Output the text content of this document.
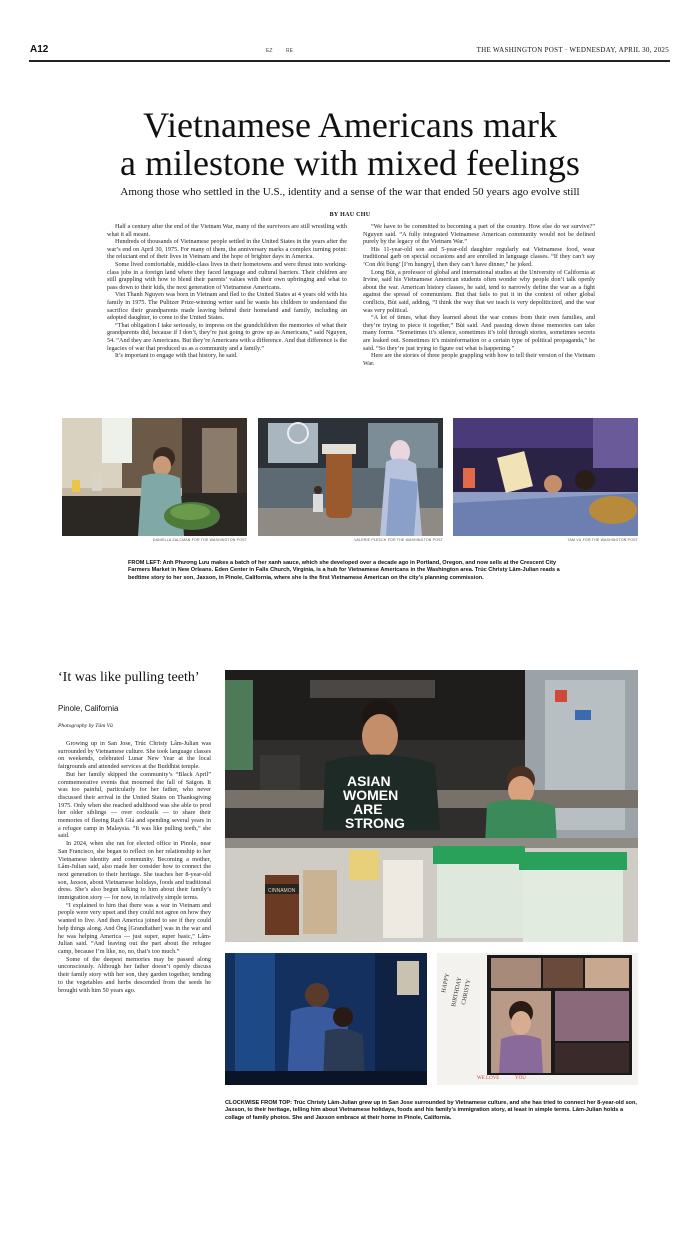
A12	EZ	RE	THE WASHINGTON POST · WEDNESDAY, APRIL 30, 2025
Vietnamese Americans mark
a milestone with mixed feelings
Among those who settled in the U.S., identity and a sense of the war that ended 50 years ago evolve still
BY HAU CHU

Half a century after the end of the Vietnam War, many of the survivors are still wrestling with what it all meant.

Hundreds of thousands of Vietnamese people settled in the United States in the years after the war’s end on April 30, 1975. For many of them, the anniversary marks a complex turning point: the reluctant end of their lives in Vietnam and the hope of brighter days in America.

Some lived comfortable, middle-class lives in their hometowns and were thrust into working-class jobs in a foreign land where they faced language and cultural barriers. Their children are still grappling with how to blend their parents’ values with their own upbringing and what to pass down to their kids, the next generation of Vietnamese Americans.

Viet Thanh Nguyen was born in Vietnam and fled to the United States at 4 years old with his family in 1975. The Pulitzer Prize-winning writer said he wants his children to understand the sacrifice their grandparents made leaving behind their homeland and family, including an adopted daughter, to come to the United States.

“That obligation I take seriously, to impress on the grandchildren the memories of what their grandparents did, because if I don’t, they’re just going to grow up as Americans,” said Nguyen, 54. “And they are Americans. But they’re Americans with a difference. And that difference is the legacies of war that produced us as a community and a family.”

It’s important to engage with that history, he said.

“We have to be committed to becoming a part of the country. How else do we survive?” Nguyen said. “A fully integrated Vietnamese American community would not be defined purely by the legacy of the Vietnam War.”

His 11-year-old son and 5-year-old daughter regularly eat Vietnamese food, wear traditional garb on special occasions and are enrolled in language classes. “If they can’t say ‘Con đói bụng’ [I’m hungry], then they can’t have dinner,” he joked.

Long Bùi, a professor of global and international studies at the University of California at Irvine, said his Vietnamese American students often wonder why people don’t talk openly about the war. American history classes, he said, tend to narrowly define the war as a fight against the spread of communism. But that fails to put it in the context of other global conflicts, Bùi said, adding, “I think the way that we teach is very depoliticized, and the war was very political.

“A lot of times, what they learned about the war comes from their own families, and they’re trying to piece it together,” Bùi said. And passing down those memories can take many forms. “Sometimes it’s silence, sometimes it’s told through stories, sometimes secrets are leaked out. Sometimes it’s misinformation or a certain type of political propaganda,” he said. “So they’re just trying to figure out what is happening.”

Here are the stories of three people grappling with how to tell their version of the Vietnam War.

DANIELLA ZALCMAN FOR THE WASHINGTON POST	VALERIE PLESCH FOR THE WASHINGTON POST	TAM VU FOR THE WASHINGTON POST
FROM LEFT: Anh Phương Lưu makes a batch of her xanh sauce, which she developed over a decade ago in Portland, Oregon, and now sells at the Crescent City Farmers Market in New Orleans. Eden Center in Falls Church, Virginia, is a hub for Vietnamese Americans in the Washington area. Trúc Christy Lâm-Julian reads a bedtime story to her son, Jaxson, in Pinole, California, where she is the first Vietnamese American on the city’s planning commission.
‘It was like pulling teeth’
Pinole, California
Photography by Tâm Vũ

Growing up in San Jose, Trúc Christy Lâm-Julian was surrounded by Vietnamese culture. She took language classes on weekends, celebrated Lunar New Year at the local fairgrounds and attended services at the Buddhist temple.

But her family skipped the community’s “Black April” commemorative events that mourned the fall of Saigon. It was too painful, particularly for her father, who never discussed their arrival in the United States on Thanksgiving 1975. Only when she reached adulthood was she able to prod her older siblings — over cocktails — to share their memories of fleeing Rạch Giá and spending several years in a refugee camp in Malaysia. “It was like pulling teeth,” she said.

In 2024, when she ran for elected office in Pinole, near San Francisco, she began to reflect on her relationship to her Vietnamese identity and community. Becoming a mother, Lâm-Julian said, also made her consider how to connect the next generation to their heritage. She teaches her 8-year-old son, Jaxson, about Vietnamese holidays, foods and traditional dress. She’s also begun talking to him about their family’s immigration story — for now, in relatively simple terms.

“I explained to him that there was a war in Vietnam and people were very upset and they could not agree on how they wanted to live. And then America joined to see if they could help things along. And Ông [Grandfather] was in the war and he was helping America — just super, super basic,” Lâm-Julian said. “And leaving out the part about the refugee camp, because I’m like, no, no, that’s too much.”

Some of the deepest memories may be passed along unconsciously. Although her father doesn’t openly discuss their family story with her son, they garden together, tending to the vegetables and herbs descended from the seeds he brought with him 50 years ago.

ASIAN
WOMEN
ARE
STRONG
CINNAMON
HAPPY BIRTHDAY
CHRISTY
WE LOVE	YOU
CLOCKWISE FROM TOP: Trúc Christy Lâm-Julian grew up in San Jose surrounded by Vietnamese culture, and she has tried to connect her 8-year-old son, Jaxson, to their heritage, telling him about Vietnamese holidays, foods and his family’s immigration story, at least in simple terms. Lâm-Julian holds a collage of family photos. She and Jaxson embrace at their home in Pinole, California.
